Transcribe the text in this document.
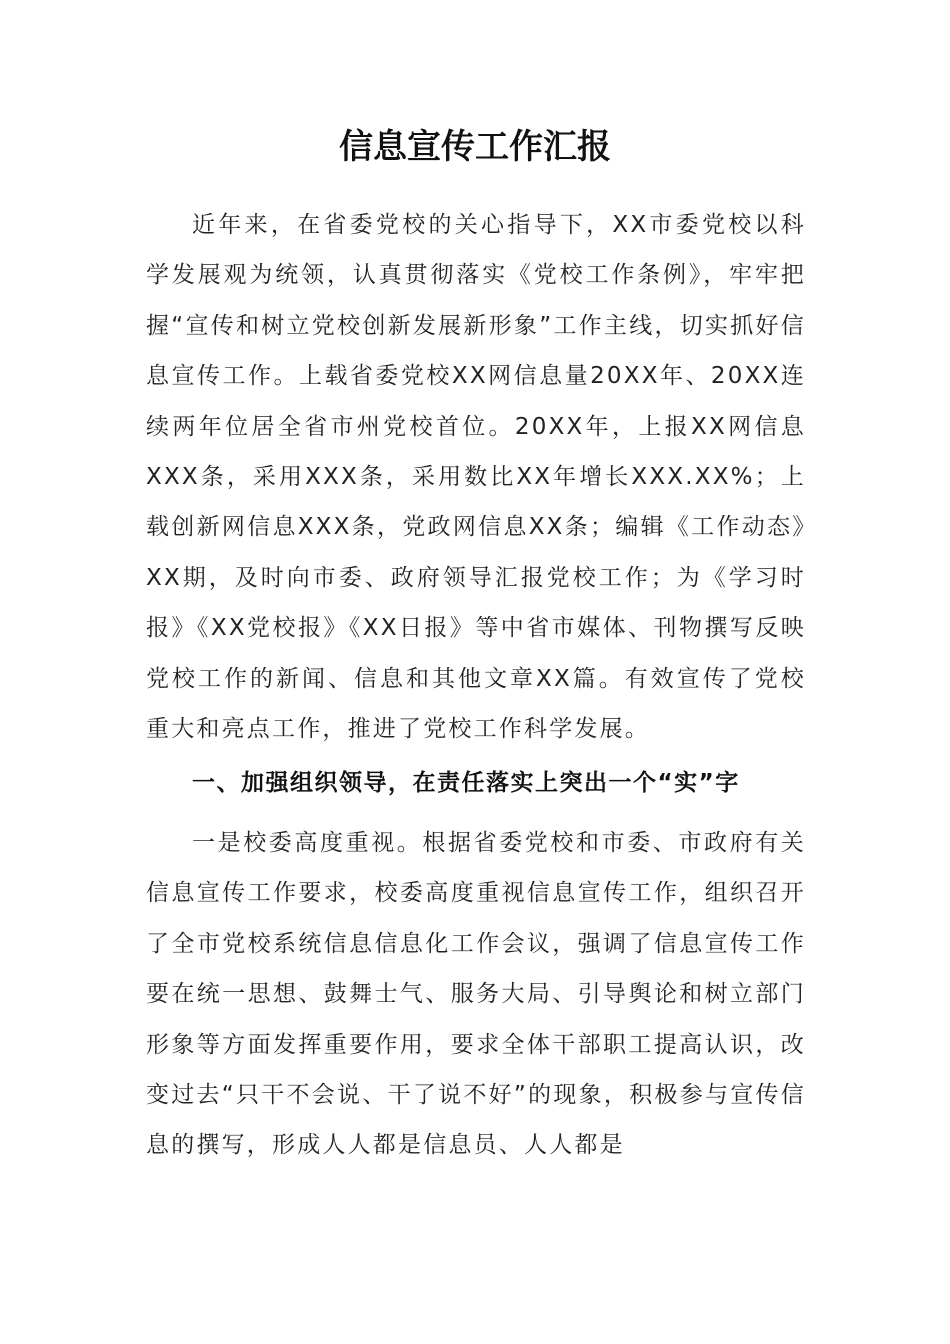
信息宣传工作汇报

近年来，在省委党校的关心指导下，XX市委党校以科学发展观为统领，认真贯彻落实《党校工作条例》，牢牢把握“宣传和树立党校创新发展新形象”工作主线，切实抓好信息宣传工作。上载省委党校XX网信息量20XX年、20XX连续两年位居全省市州党校首位。20XX年，上报XX网信息XXX条，采用XXX条，采用数比XX年增长XXX.XX%；上载创新网信息XXX条，党政网信息XX条；编辑《工作动态》XX期，及时向市委、政府领导汇报党校工作；为《学习时报》《XX党校报》《XX日报》等中省市媒体、刊物撰写反映党校工作的新闻、信息和其他文章XX篇。有效宣传了党校重大和亮点工作，推进了党校工作科学发展。

一、加强组织领导，在责任落实上突出一个“实”字

一是校委高度重视。根据省委党校和市委、市政府有关信息宣传工作要求，校委高度重视信息宣传工作，组织召开了全市党校系统信息信息化工作会议，强调了信息宣传工作要在统一思想、鼓舞士气、服务大局、引导舆论和树立部门形象等方面发挥重要作用，要求全体干部职工提高认识，改变过去“只干不会说、干了说不好”的现象，积极参与宣传信息的撰写，形成人人都是信息员、人人都是
